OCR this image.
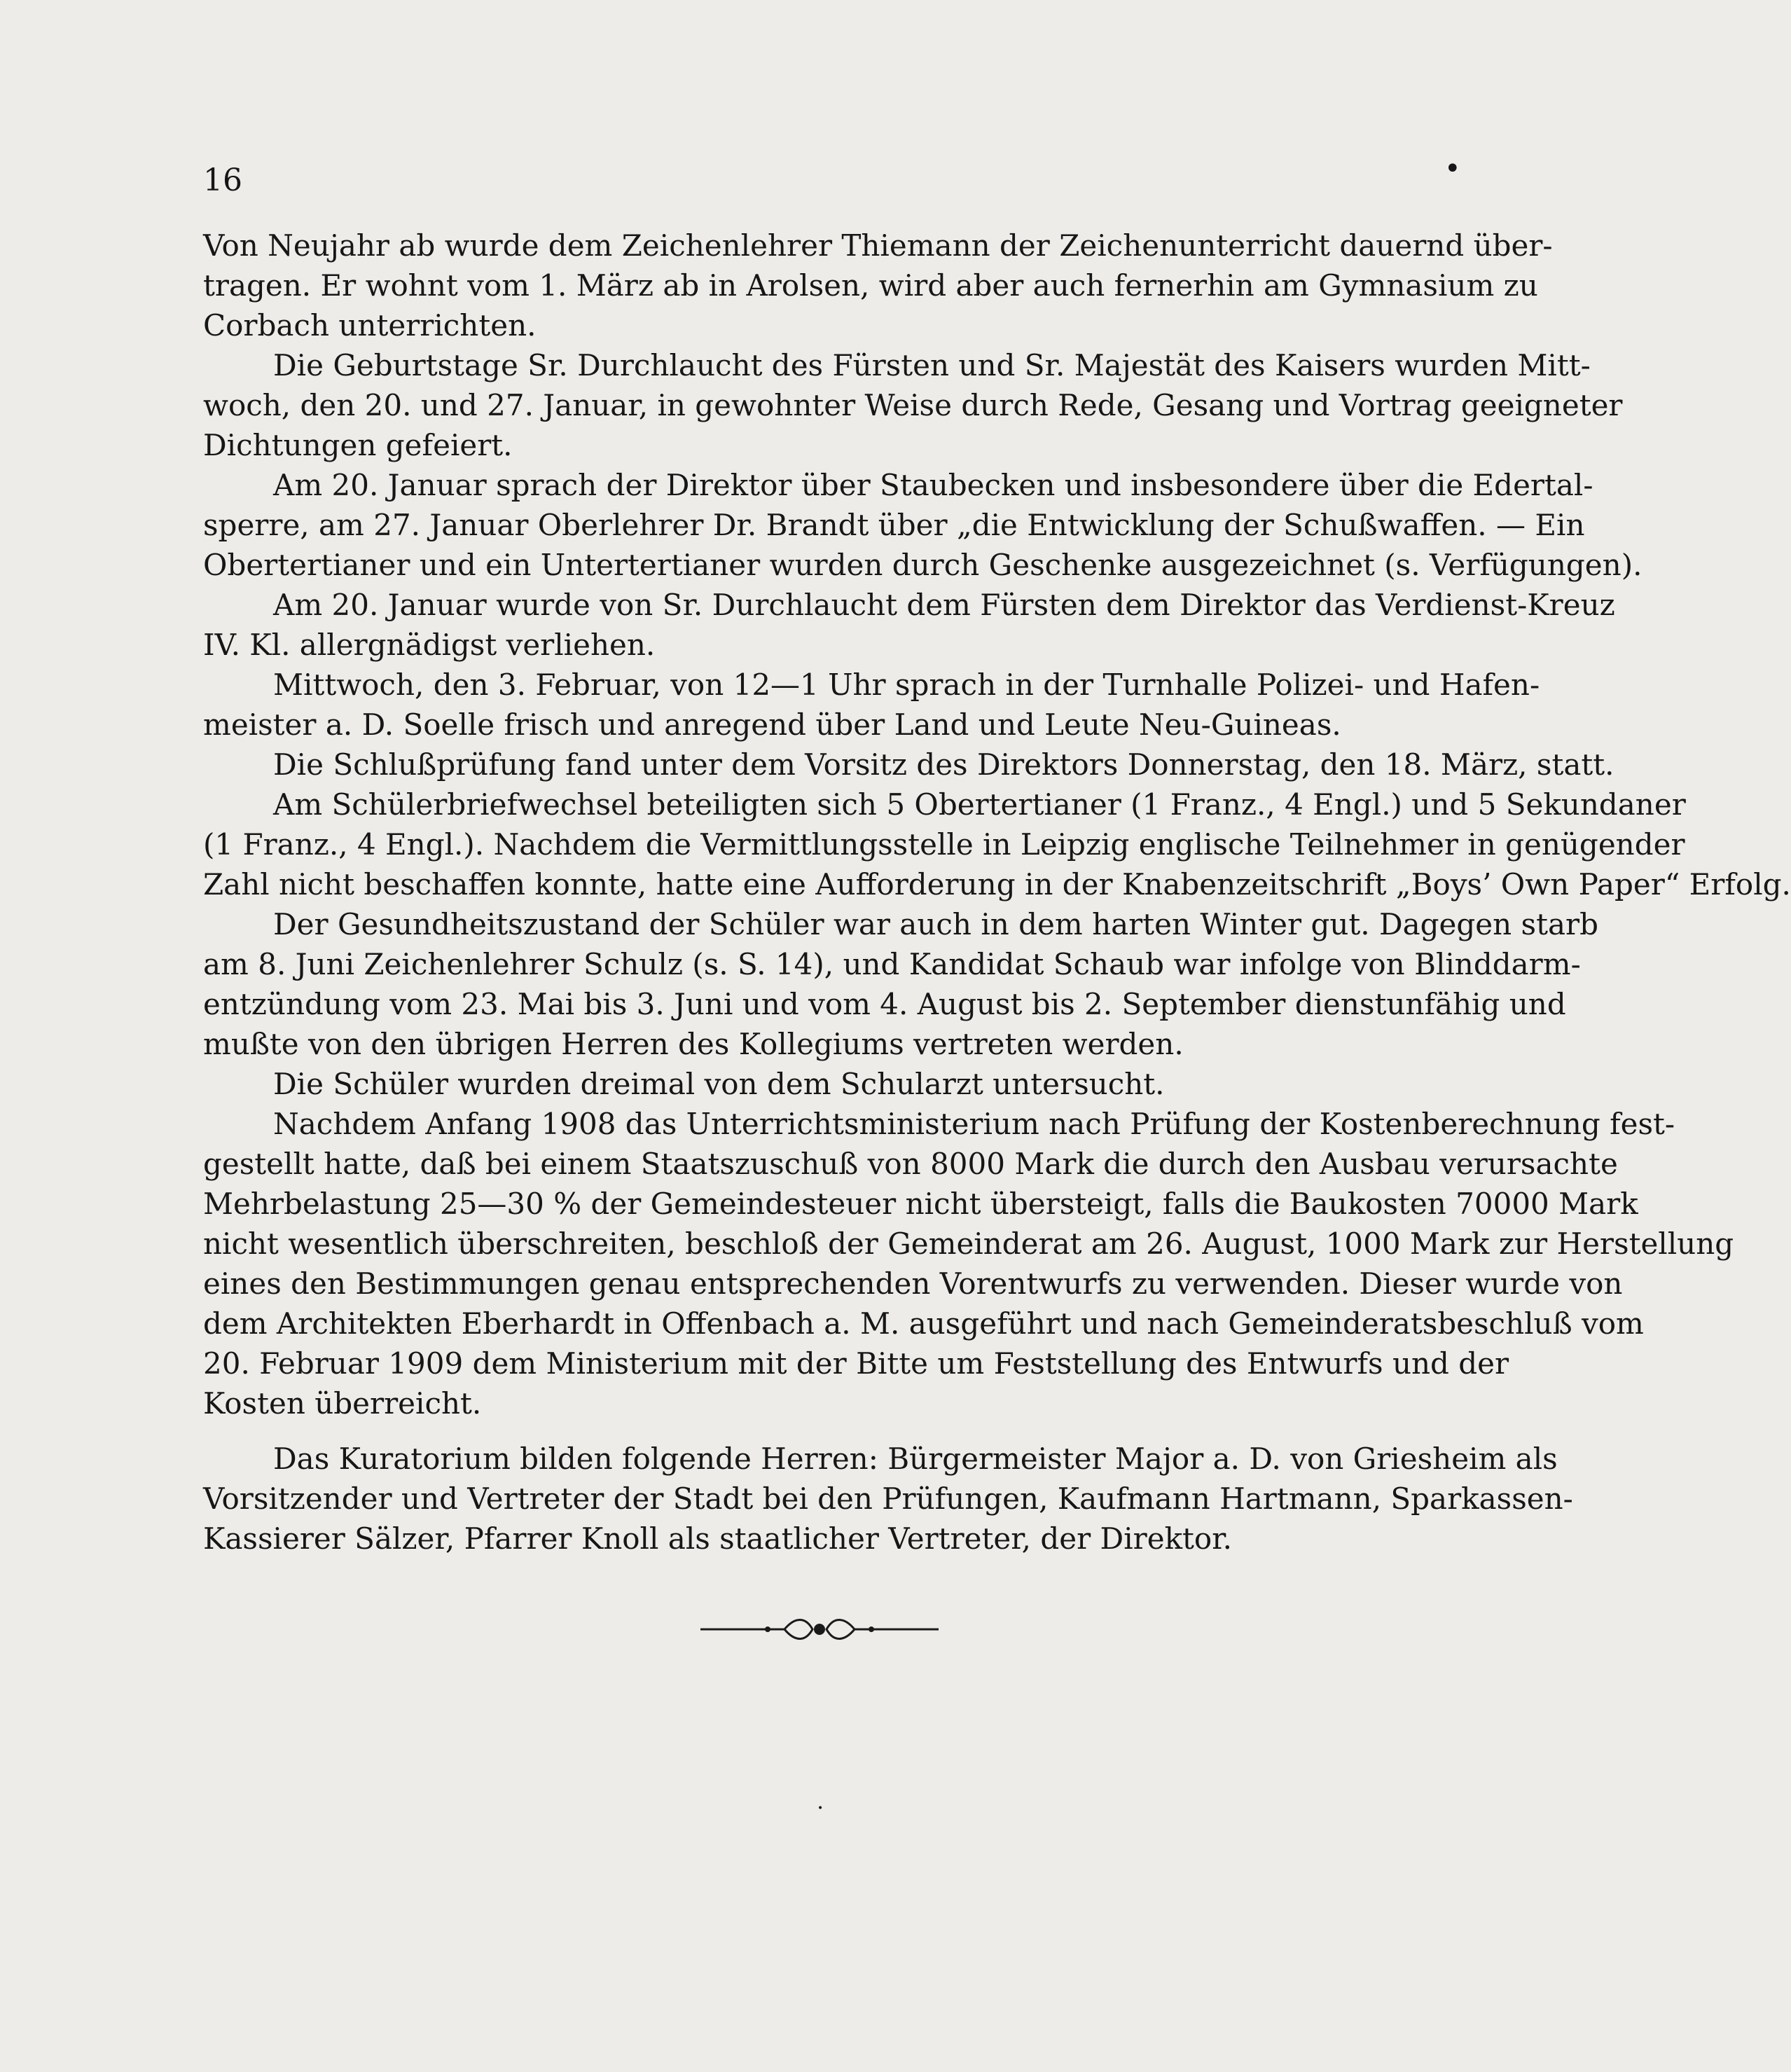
16	•
Von Neujahr ab wurde dem Zeichenlehrer Thiemann der Zeichenunterricht dauernd über-
tragen. Er wohnt vom 1. März ab in Arolsen, wird aber auch fernerhin am Gymnasium zu
Corbach unterrichten.
Die Geburtstage Sr. Durchlaucht des Fürsten und Sr. Majestät des Kaisers wurden Mitt-
woch, den 20. und 27. Januar, in gewohnter Weise durch Rede, Gesang und Vortrag geeigneter
Dichtungen gefeiert.
Am 20. Januar sprach der Direktor über Staubecken und insbesondere über die Edertal-
sperre, am 27. Januar Oberlehrer Dr. Brandt über „die Entwicklung der Schußwaffen. — Ein
Obertertianer und ein Untertertianer wurden durch Geschenke ausgezeichnet (s. Verfügungen).
Am 20. Januar wurde von Sr. Durchlaucht dem Fürsten dem Direktor das Verdienst-Kreuz
IV. Kl. allergnädigst verliehen.
Mittwoch, den 3. Februar, von 12—1 Uhr sprach in der Turnhalle Polizei- und Hafen-
meister a. D. Soelle frisch und anregend über Land und Leute Neu-Guineas.
Die Schlußprüfung fand unter dem Vorsitz des Direktors Donnerstag, den 18. März, statt.
Am Schülerbriefwechsel beteiligten sich 5 Obertertianer (1 Franz., 4 Engl.) und 5 Sekundaner
(1 Franz., 4 Engl.). Nachdem die Vermittlungsstelle in Leipzig englische Teilnehmer in genügender
Zahl nicht beschaffen konnte, hatte eine Aufforderung in der Knabenzeitschrift „Boys’ Own Paper“ Erfolg.
Der Gesundheitszustand der Schüler war auch in dem harten Winter gut. Dagegen starb
am 8. Juni Zeichenlehrer Schulz (s. S. 14), und Kandidat Schaub war infolge von Blinddarm-
entzündung vom 23. Mai bis 3. Juni und vom 4. August bis 2. September dienstunfähig und
mußte von den übrigen Herren des Kollegiums vertreten werden.
Die Schüler wurden dreimal von dem Schularzt untersucht.
Nachdem Anfang 1908 das Unterrichtsministerium nach Prüfung der Kostenberechnung fest-
gestellt hatte, daß bei einem Staatszuschuß von 8000 Mark die durch den Ausbau verursachte
Mehrbelastung 25—30 % der Gemeindesteuer nicht übersteigt, falls die Baukosten 70000 Mark
nicht wesentlich überschreiten, beschloß der Gemeinderat am 26. August, 1000 Mark zur Herstellung
eines den Bestimmungen genau entsprechenden Vorentwurfs zu verwenden. Dieser wurde von
dem Architekten Eberhardt in Offenbach a. M. ausgeführt und nach Gemeinderatsbeschluß vom
20. Februar 1909 dem Ministerium mit der Bitte um Feststellung des Entwurfs und der
Kosten überreicht.
Das Kuratorium bilden folgende Herren: Bürgermeister Major a. D. von Griesheim als
Vorsitzender und Vertreter der Stadt bei den Prüfungen, Kaufmann Hartmann, Sparkassen-
Kassierer Sälzer, Pfarrer Knoll als staatlicher Vertreter, der Direktor.
.
